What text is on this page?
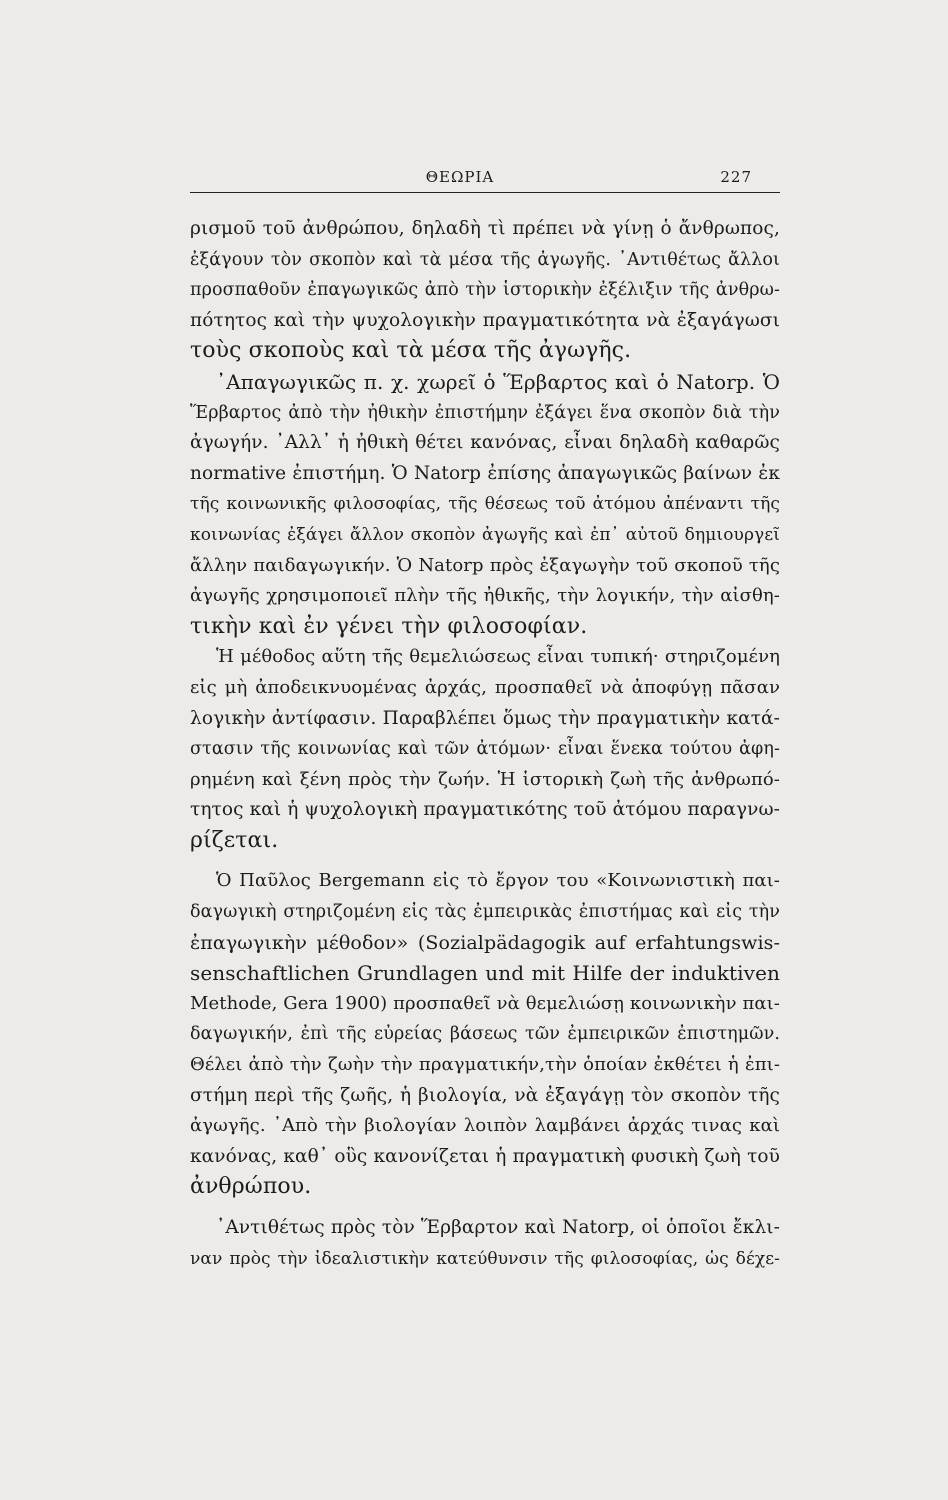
ΘΕΩΡΙΑ	227
ρισμοῦ τοῦ ἀνθρώπου, δηλαδὴ τὶ πρέπει νὰ γίνῃ ὁ ἄνθρωπος,
ἐξάγουν τὸν σκοπὸν καὶ τὰ μέσα τῆς ἀγωγῆς. ᾿Αντιθέτως ἄλλοι
προσπαθοῦν ἐπαγωγικῶς ἀπὸ τὴν ἱστορικὴν ἐξέλιξιν τῆς ἀνθρω-
πότητος καὶ τὴν ψυχολογικὴν πραγματικότητα νὰ ἐξαγάγωσι
τοὺς σκοποὺς καὶ τὰ μέσα τῆς ἀγωγῆς.
᾿Απαγωγικῶς π. χ. χωρεῖ ὁ Ἕρβαρτος καὶ ὁ Natorp. Ὁ
Ἕρβαρτος ἀπὸ τὴν ἠθικὴν ἐπιστήμην ἐξάγει ἕνα σκοπὸν διὰ τὴν
ἀγωγήν. ᾿Αλλ᾿ ἡ ἠθικὴ θέτει κανόνας, εἶναι δηλαδὴ καθαρῶς
normative ἐπιστήμη. Ὁ Natorp ἐπίσης ἀπαγωγικῶς βαίνων ἐκ
τῆς κοινωνικῆς φιλοσοφίας, τῆς θέσεως τοῦ ἀτόμου ἀπέναντι τῆς
κοινωνίας ἐξάγει ἄλλον σκοπὸν ἀγωγῆς καὶ ἐπ᾿ αὐτοῦ δημιουργεῖ
ἄλλην παιδαγωγικήν. Ὁ Natorp πρὸς ἐξαγωγὴν τοῦ σκοποῦ τῆς
ἀγωγῆς χρησιμοποιεῖ πλὴν τῆς ἠθικῆς, τὴν λογικήν, τὴν αἰσθη-
τικὴν καὶ ἐν γένει τὴν φιλοσοφίαν.
Ἡ μέθοδος αὕτη τῆς θεμελιώσεως εἶναι τυπική· στηριζομένη
εἰς μὴ ἀποδεικνυομένας ἀρχάς, προσπαθεῖ νὰ ἀποφύγῃ πᾶσαν
λογικὴν ἀντίφασιν. Παραβλέπει ὅμως τὴν πραγματικὴν κατά-
στασιν τῆς κοινωνίας καὶ τῶν ἀτόμων· εἶναι ἕνεκα τούτου ἀφη-
ρημένη καὶ ξένη πρὸς τὴν ζωήν. Ἡ ἱστορικὴ ζωὴ τῆς ἀνθρωπό-
τητος καὶ ἡ ψυχολογικὴ πραγματικότης τοῦ ἀτόμου παραγνω-
ρίζεται.
Ὁ Παῦλος Bergemann εἰς τὸ ἔργον του «Κοινωνιστικὴ παι-
δαγωγικὴ στηριζομένη εἰς τὰς ἐμπειρικὰς ἐπιστήμας καὶ εἰς τὴν
ἐπαγωγικὴν μέθοδον» (Sozialpädagogik auf erfahtungswis-
senschaftlichen Grundlagen und mit Hilfe der induktiven
Methode, Gera 1900) προσπαθεῖ νὰ θεμελιώσῃ κοινωνικὴν παι-
δαγωγικήν, ἐπὶ τῆς εὐρείας βάσεως τῶν ἐμπειρικῶν ἐπιστημῶν.
Θέλει ἀπὸ τὴν ζωὴν τὴν πραγματικήν,τὴν ὁποίαν ἐκθέτει ἡ ἐπι-
στήμη περὶ τῆς ζωῆς, ἡ βιολογία, νὰ ἐξαγάγῃ τὸν σκοπὸν τῆς
ἀγωγῆς. ᾿Απὸ τὴν βιολογίαν λοιπὸν λαμβάνει ἀρχάς τινας καὶ
κανόνας, καθ᾿ οὓς κανονίζεται ἡ πραγματικὴ φυσικὴ ζωὴ τοῦ
ἀνθρώπου.
᾿Αντιθέτως πρὸς τὸν Ἕρβαρτον καὶ Natorp, οἱ ὁποῖοι ἔκλι-
ναν πρὸς τὴν ἰδεαλιστικὴν κατεύθυνσιν τῆς φιλοσοφίας, ὡς δέχε-
